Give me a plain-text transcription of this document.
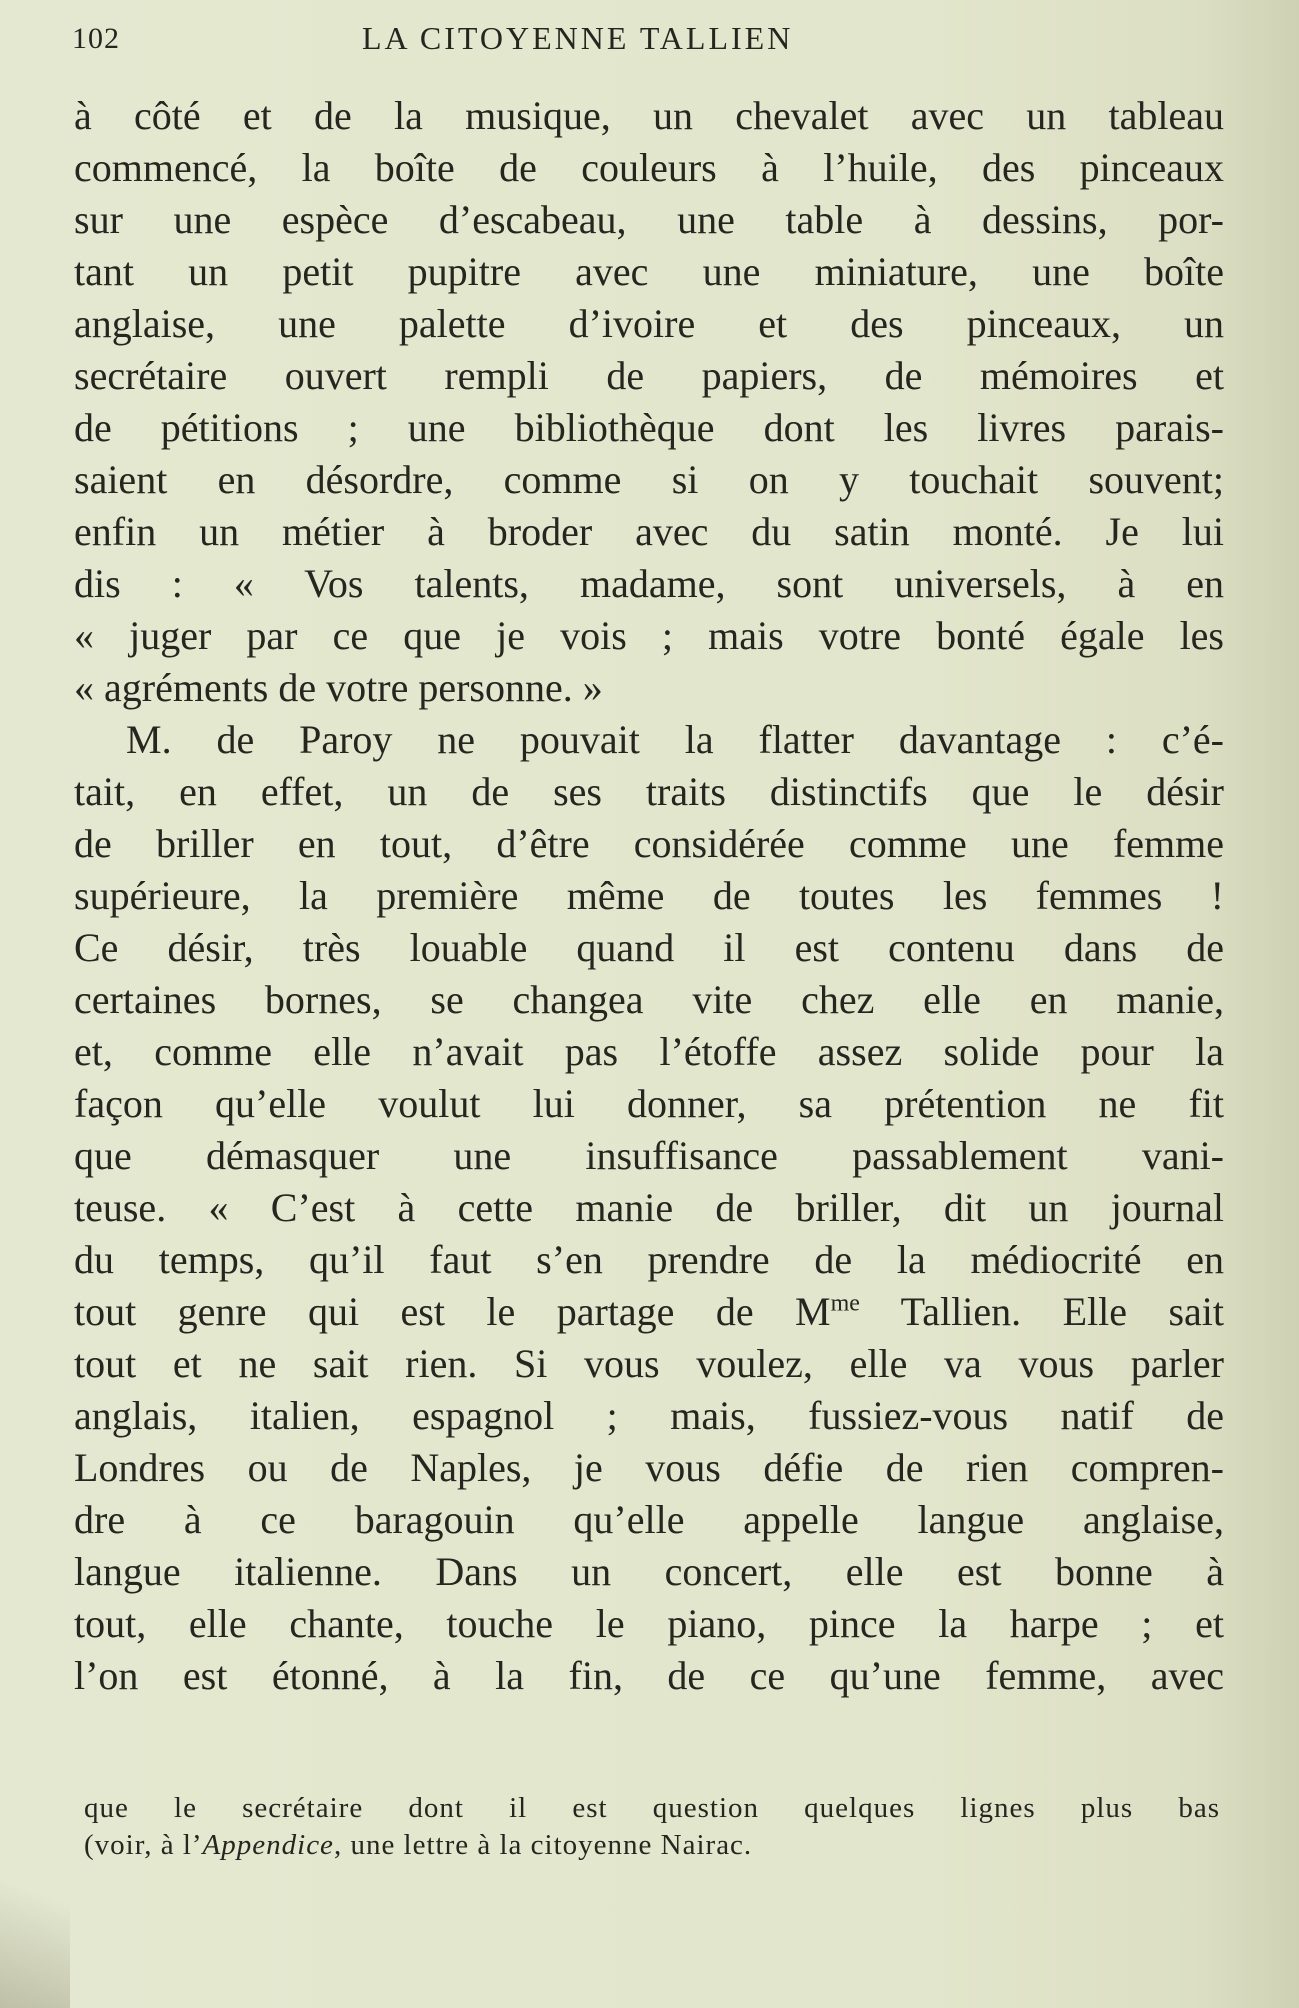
102	LA CITOYENNE TALLIEN
à côté et de la musique, un chevalet avec un tableau
commencé, la boîte de couleurs à l’huile, des pinceaux
sur une espèce d’escabeau, une table à dessins, por-
tant un petit pupitre avec une miniature, une boîte
anglaise, une palette d’ivoire et des pinceaux, un
secrétaire ouvert rempli de papiers, de mémoires et
de pétitions ; une bibliothèque dont les livres parais-
saient en désordre, comme si on y touchait souvent;
enfin un métier à broder avec du satin monté. Je lui
dis : « Vos talents, madame, sont universels, à en
« juger par ce que je vois ; mais votre bonté égale les
« agréments de votre personne. »
M. de Paroy ne pouvait la flatter davantage : c’é-
tait, en effet, un de ses traits distinctifs que le désir
de briller en tout, d’être considérée comme une femme
supérieure, la première même de toutes les femmes !
Ce désir, très louable quand il est contenu dans de
certaines bornes, se changea vite chez elle en manie,
et, comme elle n’avait pas l’étoffe assez solide pour la
façon qu’elle voulut lui donner, sa prétention ne fit
que démasquer une insuffisance passablement vani-
teuse. « C’est à cette manie de briller, dit un journal
du temps, qu’il faut s’en prendre de la médiocrité en
tout genre qui est le partage de $M^{me}$ Tallien. Elle sait
tout et ne sait rien. Si vous voulez, elle va vous parler
anglais, italien, espagnol ; mais, fussiez-vous natif de
Londres ou de Naples, je vous défie de rien compren-
dre à ce baragouin qu’elle appelle langue anglaise,
langue italienne. Dans un concert, elle est bonne à
tout, elle chante, touche le piano, pince la harpe ; et
l’on est étonné, à la fin, de ce qu’une femme, avec
que le secrétaire dont il est question quelques lignes plus bas
(voir, à l’Appendice, une lettre à la citoyenne Nairac.
